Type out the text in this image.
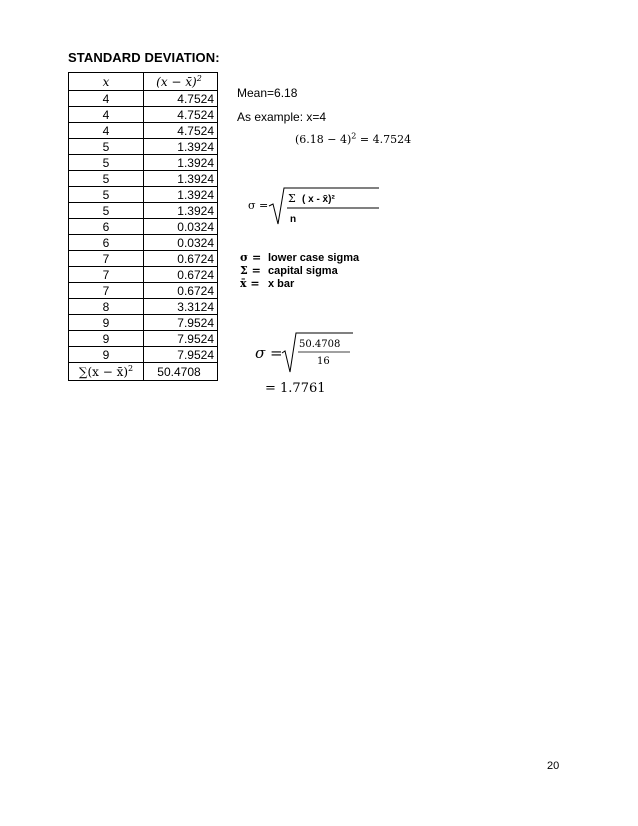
STANDARD DEVIATION:
x	(x − x̄)$^2$
4	4.7524
4	4.7524
4	4.7524
5	1.3924
5	1.3924
5	1.3924
5	1.3924
5	1.3924
6	0.0324
6	0.0324
7	0.6724
7	0.6724
7	0.6724
8	3.3124
9	7.9524
9	7.9524
9	7.9524
∑(x − x̄)$^2$	50.4708
Mean=6.18
As example: x=4
$(6.18 - 4)^2 = 4.7524$
σ =
Σ ( x - x̄)²
n
σ = lower case sigma
Σ = capital sigma
x̄ = x bar
σ = 50.4708
16
= 1.7761
20
